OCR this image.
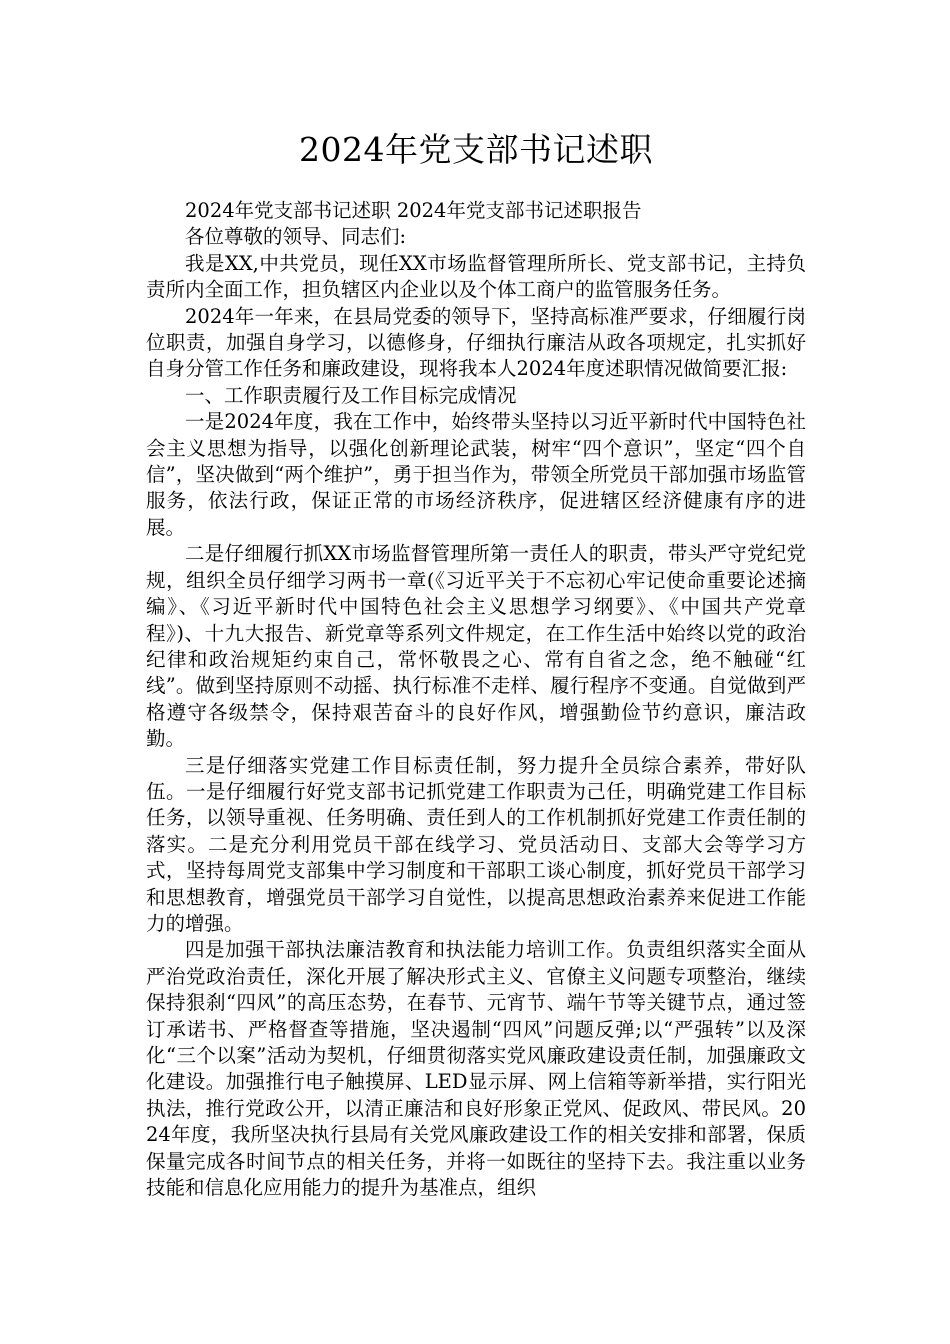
2024年党支部书记述职

2024年党支部书记述职 2024年党支部书记述职报告

各位尊敬的领导、同志们:

我是XX,中共党员，现任XX市场监督管理所所长、党支部书记，主持负责所内全面工作，担负辖区内企业以及个体工商户的监管服务任务。

2024年一年来，在县局党委的领导下，坚持高标准严要求，仔细履行岗位职责，加强自身学习，以德修身，仔细执行廉洁从政各项规定，扎实抓好自身分管工作任务和廉政建设，现将我本人2024年度述职情况做简要汇报:

一、工作职责履行及工作目标完成情况

一是2024年度，我在工作中，始终带头坚持以习近平新时代中国特色社会主义思想为指导，以强化创新理论武装，树牢“四个意识”，坚定“四个自信”，坚决做到“两个维护”，勇于担当作为，带领全所党员干部加强市场监管服务，依法行政，保证正常的市场经济秩序，促进辖区经济健康有序的进展。

二是仔细履行抓XX市场监督管理所第一责任人的职责，带头严守党纪党规，组织全员仔细学习两书一章(《习近平关于不忘初心牢记使命重要论述摘编》、《习近平新时代中国特色社会主义思想学习纲要》、《中国共产党章程》)、十九大报告、新党章等系列文件规定，在工作生活中始终以党的政治纪律和政治规矩约束自己，常怀敬畏之心、常有自省之念，绝不触碰“红线”。做到坚持原则不动摇、执行标准不走样、履行程序不变通。自觉做到严格遵守各级禁令，保持艰苦奋斗的良好作风，增强勤俭节约意识，廉洁政勤。

三是仔细落实党建工作目标责任制，努力提升全员综合素养，带好队伍。一是仔细履行好党支部书记抓党建工作职责为己任，明确党建工作目标任务，以领导重视、任务明确、责任到人的工作机制抓好党建工作责任制的落实。二是充分利用党员干部在线学习、党员活动日、支部大会等学习方式，坚持每周党支部集中学习制度和干部职工谈心制度，抓好党员干部学习和思想教育，增强党员干部学习自觉性，以提高思想政治素养来促进工作能力的增强。

四是加强干部执法廉洁教育和执法能力培训工作。负责组织落实全面从严治党政治责任，深化开展了解决形式主义、官僚主义问题专项整治，继续保持狠刹“四风”的高压态势，在春节、元宵节、端午节等关键节点，通过签订承诺书、严格督查等措施，坚决遏制“四风”问题反弹;以“严强转”以及深化“三个以案”活动为契机，仔细贯彻落实党风廉政建设责任制，加强廉政文化建设。加强推行电子触摸屏、LED显示屏、网上信箱等新举措，实行阳光执法，推行党政公开，以清正廉洁和良好形象正党风、促政风、带民风。2024年度，我所坚决执行县局有关党风廉政建设工作的相关安排和部署，保质保量完成各时间节点的相关任务，并将一如既往的坚持下去。我注重以业务技能和信息化应用能力的提升为基准点，组织
